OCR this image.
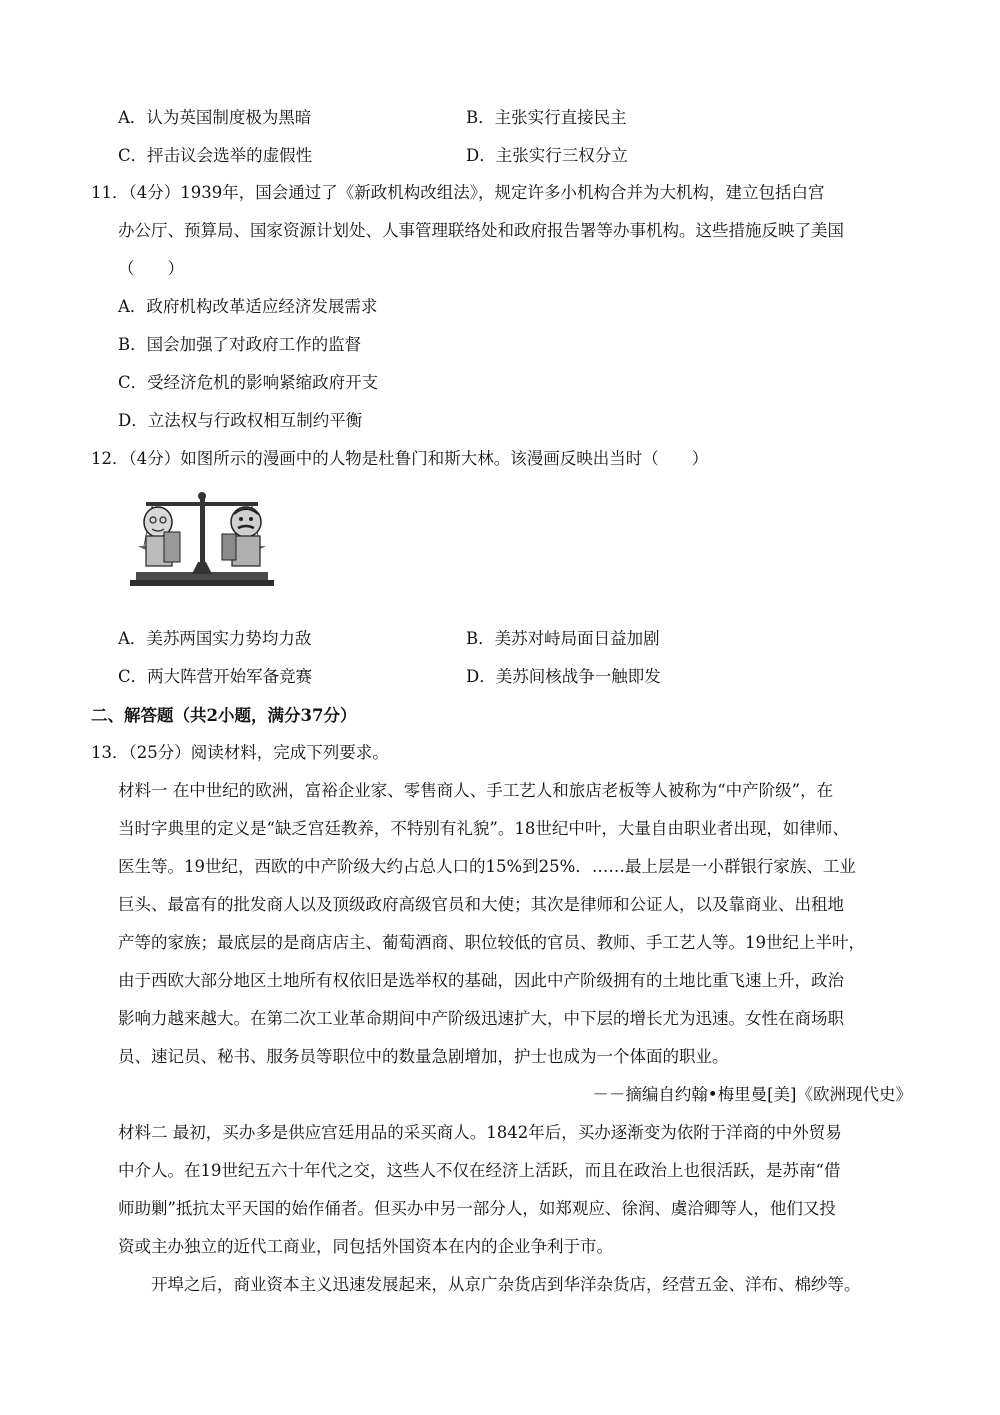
A．认为英国制度极为黑暗	B．主张实行直接民主
C．抨击议会选举的虚假性	D．主张实行三权分立
11．（4分）1939年，国会通过了《新政机构改组法》，规定许多小机构合并为大机构，建立包括白宫
办公厅、预算局、国家资源计划处、人事管理联络处和政府报告署等办事机构。这些措施反映了美国
（　　）
A．政府机构改革适应经济发展需求
B．国会加强了对政府工作的监督
C．受经济危机的影响紧缩政府开支
D．立法权与行政权相互制约平衡
12．（4分）如图所示的漫画中的人物是杜鲁门和斯大林。该漫画反映出当时（　　）
A．美苏两国实力势均力敌	B．美苏对峙局面日益加剧
C．两大阵营开始军备竞赛	D．美苏间核战争一触即发
二、解答题（共2小题，满分37分）
13．（25分）阅读材料，完成下列要求。
材料一 在中世纪的欧洲，富裕企业家、零售商人、手工艺人和旅店老板等人被称为“中产阶级”，在
当时字典里的定义是“缺乏宫廷教养，不特别有礼貌”。18世纪中叶，大量自由职业者出现，如律师、
医生等。19世纪，西欧的中产阶级大约占总人口的15%到25%．……最上层是一小群银行家族、工业
巨头、最富有的批发商人以及顶级政府高级官员和大使；其次是律师和公证人，以及靠商业、出租地
产等的家族；最底层的是商店店主、葡萄酒商、职位较低的官员、教师、手工艺人等。19世纪上半叶，
由于西欧大部分地区土地所有权依旧是选举权的基础，因此中产阶级拥有的土地比重飞速上升，政治
影响力越来越大。在第二次工业革命期间中产阶级迅速扩大，中下层的增长尤为迅速。女性在商场职
员、速记员、秘书、服务员等职位中的数量急剧增加，护士也成为一个体面的职业。
－－摘编自约翰•梅里曼[美]《欧洲现代史》
材料二 最初，买办多是供应宫廷用品的采买商人。1842年后，买办逐渐变为依附于洋商的中外贸易
中介人。在19世纪五六十年代之交，这些人不仅在经济上活跃，而且在政治上也很活跃，是苏南“借
师助剿”抵抗太平天国的始作俑者。但买办中另一部分人，如郑观应、徐润、虞洽卿等人，他们又投
资或主办独立的近代工商业，同包括外国资本在内的企业争利于市。
开埠之后，商业资本主义迅速发展起来，从京广杂货店到华洋杂货店，经营五金、洋布、棉纱等。
